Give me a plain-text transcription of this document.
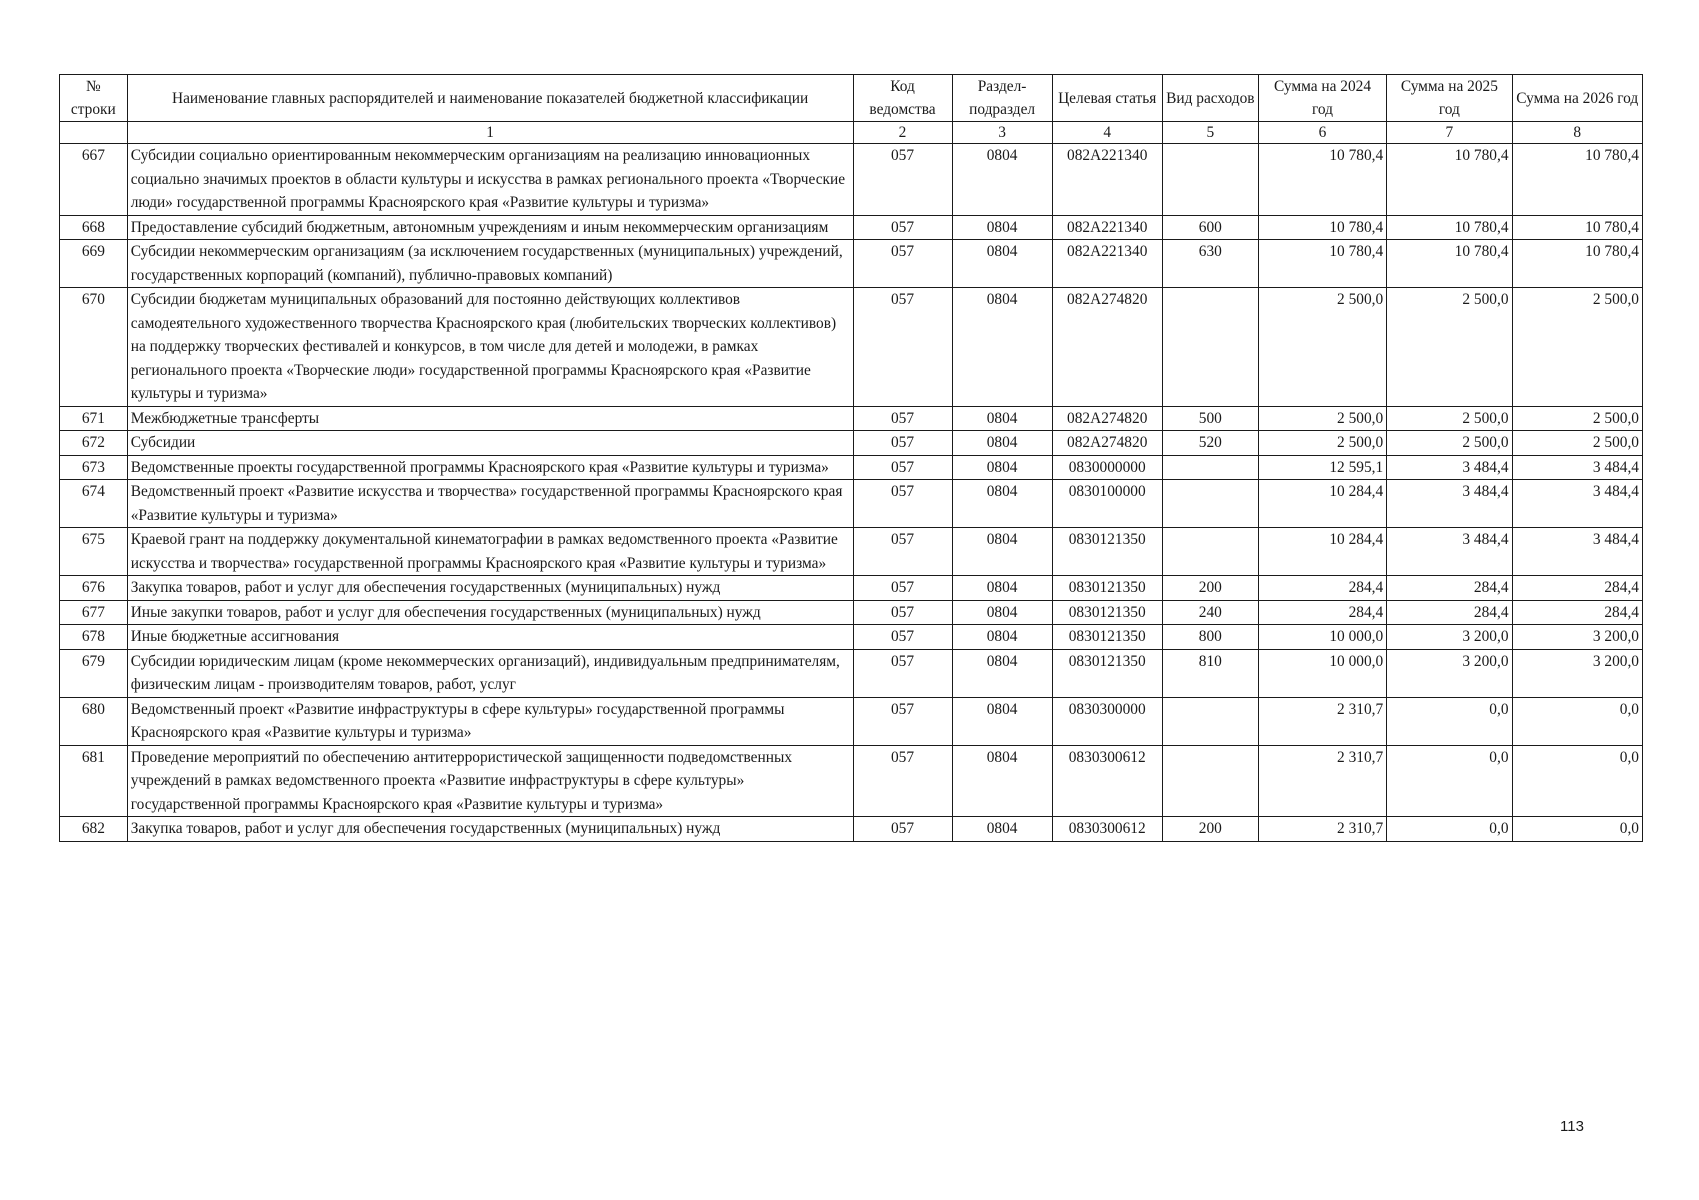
№ строки	Наименование главных распорядителей и наименование показателей бюджетной классификации	Код ведомства	Раздел-подраздел	Целевая статья	Вид расходов	Сумма на 2024 год	Сумма на 2025 год	Сумма на 2026 год
	1	2	3	4	5	6	7	8
667	Субсидии социально ориентированным некоммерческим организациям на реализацию инновационных социально значимых проектов в области культуры и искусства в рамках регионального проекта «Творческие люди» государственной программы Красноярского края «Развитие культуры и туризма»	057	0804	082А221340		10 780,4	10 780,4	10 780,4
668	Предоставление субсидий бюджетным, автономным учреждениям и иным некоммерческим организациям	057	0804	082А221340	600	10 780,4	10 780,4	10 780,4
669	Субсидии некоммерческим организациям (за исключением государственных (муниципальных) учреждений, государственных корпораций (компаний), публично-правовых компаний)	057	0804	082А221340	630	10 780,4	10 780,4	10 780,4
670	Субсидии бюджетам муниципальных образований для постоянно действующих коллективов самодеятельного художественного творчества Красноярского края (любительских творческих коллективов) на поддержку творческих фестивалей и конкурсов, в том числе для детей и молодежи, в рамках регионального проекта «Творческие люди» государственной программы Красноярского края «Развитие культуры и туризма»	057	0804	082А274820		2 500,0	2 500,0	2 500,0
671	Межбюджетные трансферты	057	0804	082А274820	500	2 500,0	2 500,0	2 500,0
672	Субсидии	057	0804	082А274820	520	2 500,0	2 500,0	2 500,0
673	Ведомственные проекты государственной программы Красноярского края «Развитие культуры и туризма»	057	0804	0830000000		12 595,1	3 484,4	3 484,4
674	Ведомственный проект «Развитие искусства и творчества» государственной программы Красноярского края «Развитие культуры и туризма»	057	0804	0830100000		10 284,4	3 484,4	3 484,4
675	Краевой грант на поддержку документальной кинематографии в рамках ведомственного проекта «Развитие искусства и творчества» государственной программы Красноярского края «Развитие культуры и туризма»	057	0804	0830121350		10 284,4	3 484,4	3 484,4
676	Закупка товаров, работ и услуг для обеспечения государственных (муниципальных) нужд	057	0804	0830121350	200	284,4	284,4	284,4
677	Иные закупки товаров, работ и услуг для обеспечения государственных (муниципальных) нужд	057	0804	0830121350	240	284,4	284,4	284,4
678	Иные бюджетные ассигнования	057	0804	0830121350	800	10 000,0	3 200,0	3 200,0
679	Субсидии юридическим лицам (кроме некоммерческих организаций), индивидуальным предпринимателям, физическим лицам - производителям товаров, работ, услуг	057	0804	0830121350	810	10 000,0	3 200,0	3 200,0
680	Ведомственный проект «Развитие инфраструктуры в сфере культуры» государственной программы Красноярского края «Развитие культуры и туризма»	057	0804	0830300000		2 310,7	0,0	0,0
681	Проведение мероприятий по обеспечению антитеррористической защищенности подведомственных учреждений в рамках ведомственного проекта «Развитие инфраструктуры в сфере культуры» государственной программы Красноярского края «Развитие культуры и туризма»	057	0804	0830300612		2 310,7	0,0	0,0
682	Закупка товаров, работ и услуг для обеспечения государственных (муниципальных) нужд	057	0804	0830300612	200	2 310,7	0,0	0,0
113
